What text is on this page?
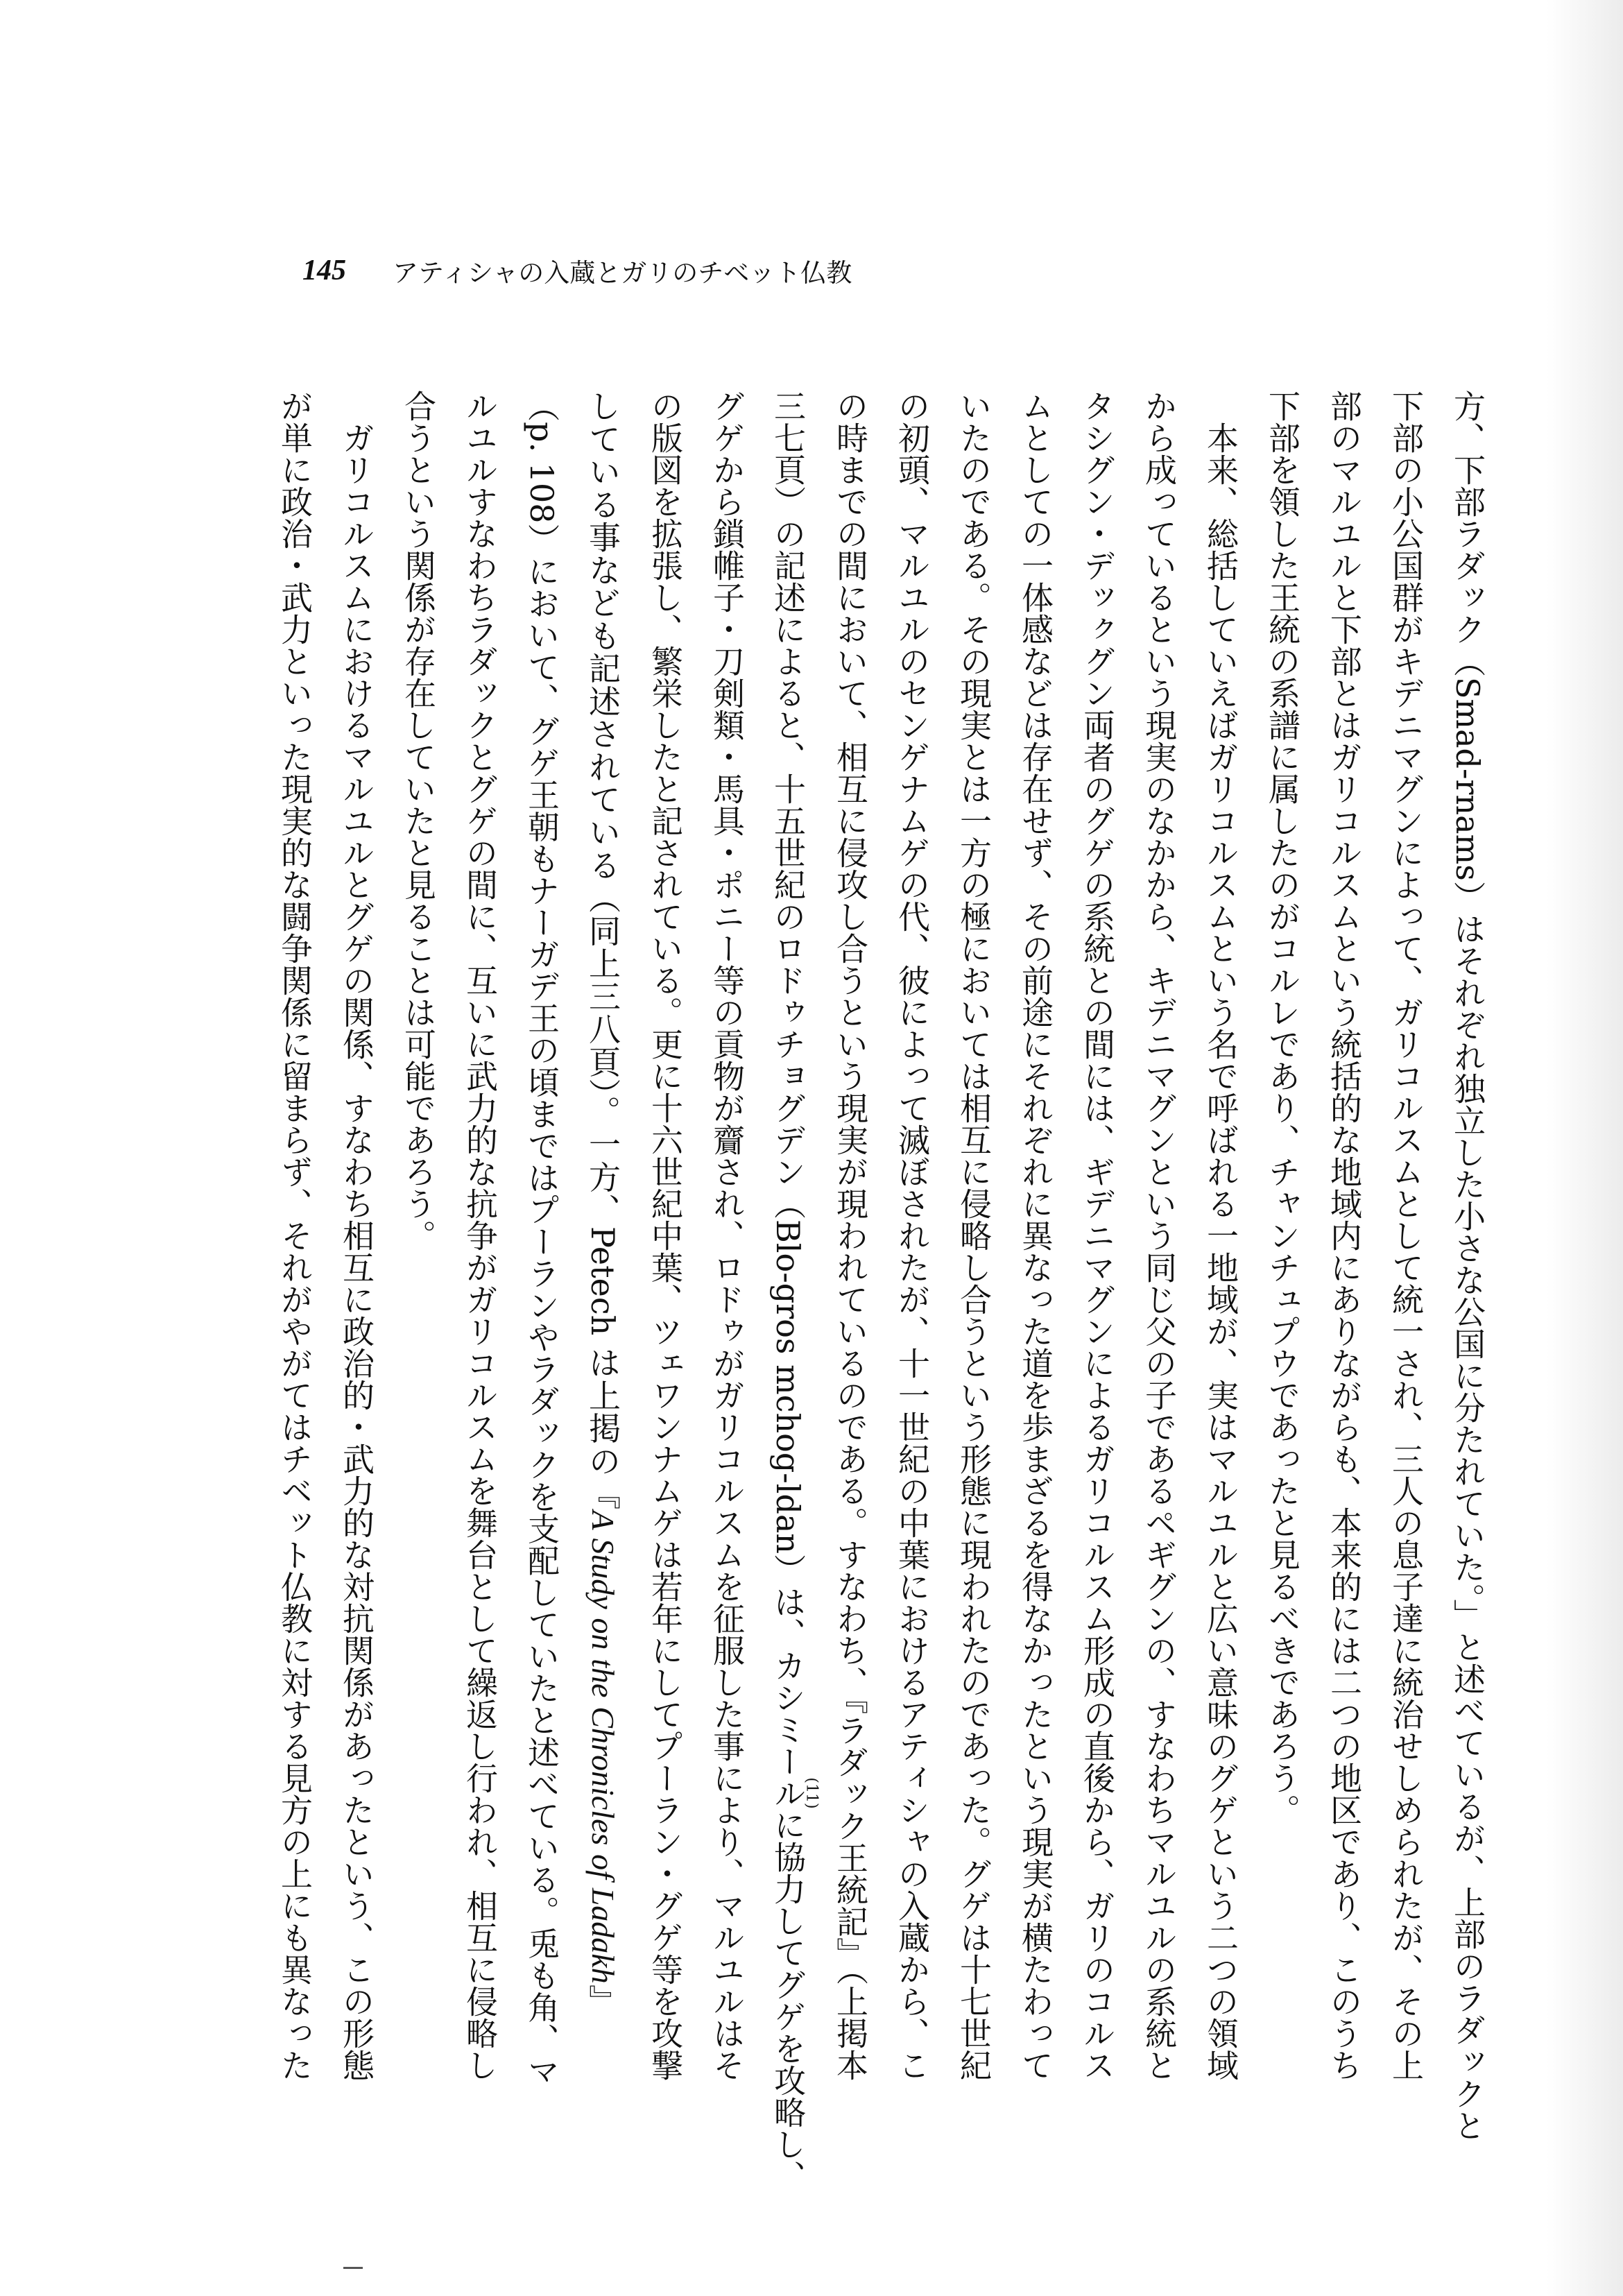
145	アティシャの入蔵とガリのチベット仏教
方、下部ラダック（Smad-rnams）はそれぞれ独立した小さな公国に分たれていた。」と述べているが、上部のラダックと
下部の小公国群がキデニマグンによって、ガリコルスムとして統一され、三人の息子達に統治せしめられたが、その上
部のマルユルと下部とはガリコルスムという統括的な地域内にありながらも、本来的には二つの地区であり、このうち
下部を領した王統の系譜に属したのがコルレであり、チャンチュプウであったと見るべきであろう。
　本来、総括していえばガリコルスムという名で呼ばれる一地域が、実はマルユルと広い意味のグゲという二つの領域
から成っているという現実のなかから、キデニマグンという同じ父の子であるペギグンの、すなわちマルユルの系統と
タシグン・デッㇰグン両者のグゲの系統との間には、ギデニマグンによるガリコルスム形成の直後から、ガリのコルス
ムとしての一体感などは存在せず、その前途にそれぞれに異なった道を歩まざるを得なかったという現実が横たわって
いたのである。その現実とは一方の極においては相互に侵略し合うという形態に現われたのであった。グゲは十七世紀
の初頭、マルユルのセンゲナムゲの代、彼によって滅ぼされたが、十一世紀の中葉におけるアティシャの入蔵から、こ
の時までの間において、相互に侵攻し合うという現実が現われているのである。すなわち、『ラダック王統記』（上掲本
三七頁）の記述によると、十五世紀のロドゥチョグデン（Blo-gros mchog-ldan）は、カシミール(11)に協力してグゲを攻略し、
グゲから鎖帷子・刀剣類・馬具・ポニー等の貢物が齎され、ロドゥがガリコルスムを征服した事により、マルユルはそ
の版図を拡張し、繁栄したと記されている。更に十六世紀中葉、ツェワンナムゲは若年にしてプーラン・グゲ等を攻撃
している事なども記述されている（同上三八頁）。一方、Petech は上掲の『A Study on the Chronicles of Ladakh』
（p. 108）において、グゲ王朝もナーガデ王の頃まではプーランやラダックを支配していたと述べている。兎も角、マ
ルユルすなわちラダックとグゲの間に、互いに武力的な抗争がガリコルスムを舞台として繰返し行われ、相互に侵略し
合うという関係が存在していたと見ることは可能であろう。
　ガリコルスムにおけるマルユルとグゲの関係、すなわち相互に政治的・武力的な対抗関係があったという、この形態
が単に政治・武力といった現実的な闘争関係に留まらず、それがやがてはチベット仏教に対する見方の上にも異なった
